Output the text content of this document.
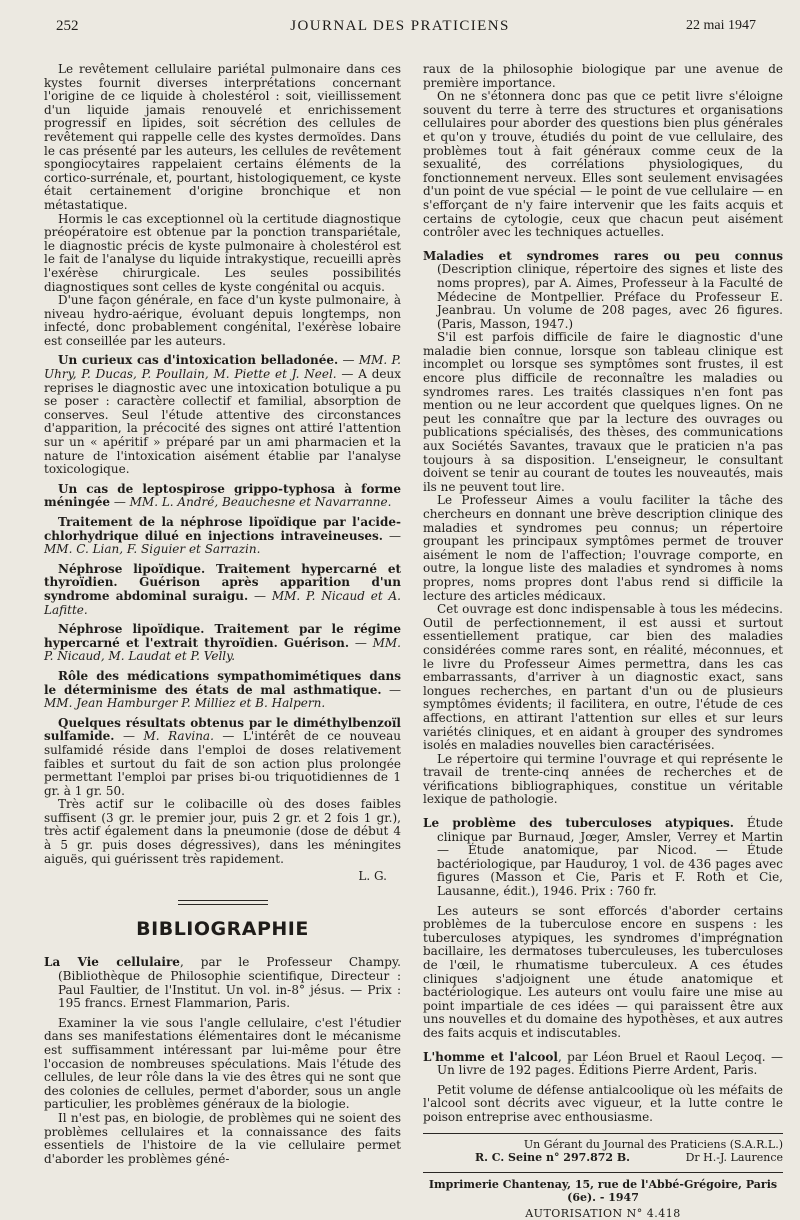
252	JOURNAL DES PRATICIENS	22 mai 1947

Le revêtement cellulaire pariétal pulmonaire dans ces kystes fournit diverses interprétations concernant l'origine de ce liquide à cholestérol : soit, vieillissement d'un liquide jamais renouvelé et enrichissement progressif en lipides, soit sécrétion des cellules de revêtement qui rappelle celle des kystes dermoïdes. Dans le cas présenté par les auteurs, les cellules de revêtement spongiocytaires rappelaient certains éléments de la cortico-surrénale, et, pourtant, histologiquement, ce kyste était certainement d'origine bronchique et non métastatique.

Hormis le cas exceptionnel où la certitude diagnostique préopératoire est obtenue par la ponction transpariétale, le diagnostic précis de kyste pulmonaire à cholestérol est le fait de l'analyse du liquide intrakystique, recueilli après l'exérèse chirurgicale. Les seules possibilités diagnostiques sont celles de kyste congénital ou acquis.

D'une façon générale, en face d'un kyste pulmonaire, à niveau hydro-aérique, évoluant depuis longtemps, non infecté, donc probablement congénital, l'exérèse lobaire est conseillée par les auteurs.

Un curieux cas d'intoxication belladonée. — MM. P. Uhry, P. Ducas, P. Poullain, M. Piette et J. Neel. — A deux reprises le diagnostic avec une intoxication botulique a pu se poser : caractère collectif et familial, absorption de conserves. Seul l'étude attentive des circonstances d'apparition, la précocité des signes ont attiré l'attention sur un « apéritif » préparé par un ami pharmacien et la nature de l'intoxication aisément établie par l'analyse toxicologique.

Un cas de leptospirose grippo-typhosa à forme méningée — MM. L. André, Beauchesne et Navarranne.

Traitement de la néphrose lipoïdique par l'acide-chlorhydrique dilué en injections intraveineuses. — MM. C. Lian, F. Siguier et Sarrazin.

Néphrose lipoïdique. Traitement hypercarné et thyroïdien. Guérison après apparition d'un syndrome abdominal suraigu. — MM. P. Nicaud et A. Lafitte.

Néphrose lipoïdique. Traitement par le régime hypercarné et l'extrait thyroïdien. Guérison. — MM. P. Nicaud, M. Laudat et P. Velly.

Rôle des médications sympathomimétiques dans le déterminisme des états de mal asthmatique. — MM. Jean Hamburger P. Milliez et B. Halpern.

Quelques résultats obtenus par le diméthylbenzoïl sulfamide. — M. Ravina. — L'intérêt de ce nouveau sulfamidé réside dans l'emploi de doses relativement faibles et surtout du fait de son action plus prolongée permettant l'emploi par prises bi-ou triquotidiennes de 1 gr. à 1 gr. 50.

Très actif sur le colibacille où des doses faibles suffisent (3 gr. le premier jour, puis 2 gr. et 2 fois 1 gr.), très actif également dans la pneumonie (dose de début 4 à 5 gr. puis doses dégressives), dans les méningites aiguës, qui guérissent très rapidement.

L. G.

BIBLIOGRAPHIE

La Vie cellulaire, par le Professeur Champy. (Bibliothèque de Philosophie scientifique, Directeur : Paul Faultier, de l'Institut. Un vol. in-8° jésus. — Prix : 195 francs. Ernest Flammarion, Paris.

Examiner la vie sous l'angle cellulaire, c'est l'étudier dans ses manifestations élémentaires dont le mécanisme est suffisamment intéressant par lui-même pour être l'occasion de nombreuses spéculations. Mais l'étude des cellules, de leur rôle dans la vie des êtres qui ne sont que des colonies de cellules, permet d'aborder, sous un angle particulier, les problèmes généraux de la biologie.

Il n'est pas, en biologie, de problèmes qui ne soient des problèmes cellulaires et la connaissance des faits essentiels de l'histoire de la vie cellulaire permet d'aborder les problèmes géné-

raux de la philosophie biologique par une avenue de première importance.

On ne s'étonnera donc pas que ce petit livre s'éloigne souvent du terre à terre des structures et organisations cellulaires pour aborder des questions bien plus générales et qu'on y trouve, étudiés du point de vue cellulaire, des problèmes tout à fait généraux comme ceux de la sexualité, des corrélations physiologiques, du fonctionnement nerveux. Elles sont seulement envisagées d'un point de vue spécial — le point de vue cellulaire — en s'efforçant de n'y faire intervenir que les faits acquis et certains de cytologie, ceux que chacun peut aisément contrôler avec les techniques actuelles.

Maladies et syndromes rares ou peu connus (Description clinique, répertoire des signes et liste des noms propres), par A. Aimes, Professeur à la Faculté de Médecine de Montpellier. Préface du Professeur E. Jeanbrau. Un volume de 208 pages, avec 26 figures. (Paris, Masson, 1947.)

S'il est parfois difficile de faire le diagnostic d'une maladie bien connue, lorsque son tableau clinique est incomplet ou lorsque ses symptômes sont frustes, il est encore plus difficile de reconnaître les maladies ou syndromes rares. Les traités classiques n'en font pas mention ou ne leur accordent que quelques lignes. On ne peut les connaître que par la lecture des ouvrages ou publications spécialisés, des thèses, des communications aux Sociétés Savantes, travaux que le praticien n'a pas toujours à sa disposition. L'enseigneur, le consultant doivent se tenir au courant de toutes les nouveautés, mais ils ne peuvent tout lire.

Le Professeur Aimes a voulu faciliter la tâche des chercheurs en donnant une brève description clinique des maladies et syndromes peu connus; un répertoire groupant les principaux symptômes permet de trouver aisément le nom de l'affection; l'ouvrage comporte, en outre, la longue liste des maladies et syndromes à noms propres, noms propres dont l'abus rend si difficile la lecture des articles médicaux.

Cet ouvrage est donc indispensable à tous les médecins. Outil de perfectionnement, il est aussi et surtout essentiellement pratique, car bien des maladies considérées comme rares sont, en réalité, méconnues, et le livre du Professeur Aimes permettra, dans les cas embarrassants, d'arriver à un diagnostic exact, sans longues recherches, en partant d'un ou de plusieurs symptômes évidents; il facilitera, en outre, l'étude de ces affections, en attirant l'attention sur elles et sur leurs variétés cliniques, et en aidant à grouper des syndromes isolés en maladies nouvelles bien caractérisées.

Le répertoire qui termine l'ouvrage et qui représente le travail de trente-cinq années de recherches et de vérifications bibliographiques, constitue un véritable lexique de pathologie.

Le problème des tuberculoses atypiques. Étude clinique par Burnaud, Jœger, Amsler, Verrey et Martin — Étude anatomique, par Nicod. — Étude bactériologique, par Hauduroy, 1 vol. de 436 pages avec figures (Masson et Cie, Paris et F. Roth et Cie, Lausanne, édit.), 1946. Prix : 760 fr.

Les auteurs se sont efforcés d'aborder certains problèmes de la tuberculose encore en suspens : les tuberculoses atypiques, les syndromes d'imprégnation bacillaire, les dermatoses tuberculeuses, les tuberculoses de l'œil, le rhumatisme tuberculeux. A ces études cliniques s'adjoignent une étude anatomique et bactériologique. Les auteurs ont voulu faire une mise au point impartiale de ces idées — qui paraissent être aux uns nouvelles et du domaine des hypothèses, et aux autres des faits acquis et indiscutables.

L'homme et l'alcool, par Léon Bruel et Raoul Leçoq. — Un livre de 192 pages. Éditions Pierre Ardent, Paris.

Petit volume de défense antialcoolique où les méfaits de l'alcool sont décrits avec vigueur, et la lutte contre le poison entreprise avec enthousiasme.

Un Gérant du Journal des Praticiens (S.A.R.L.)
R. C. Seine n° 297.872 B.	Dr H.-J. Laurence
Imprimerie Chantenay, 15, rue de l'Abbé-Grégoire, Paris (6e). - 1947
AUTORISATION N° 4.418
